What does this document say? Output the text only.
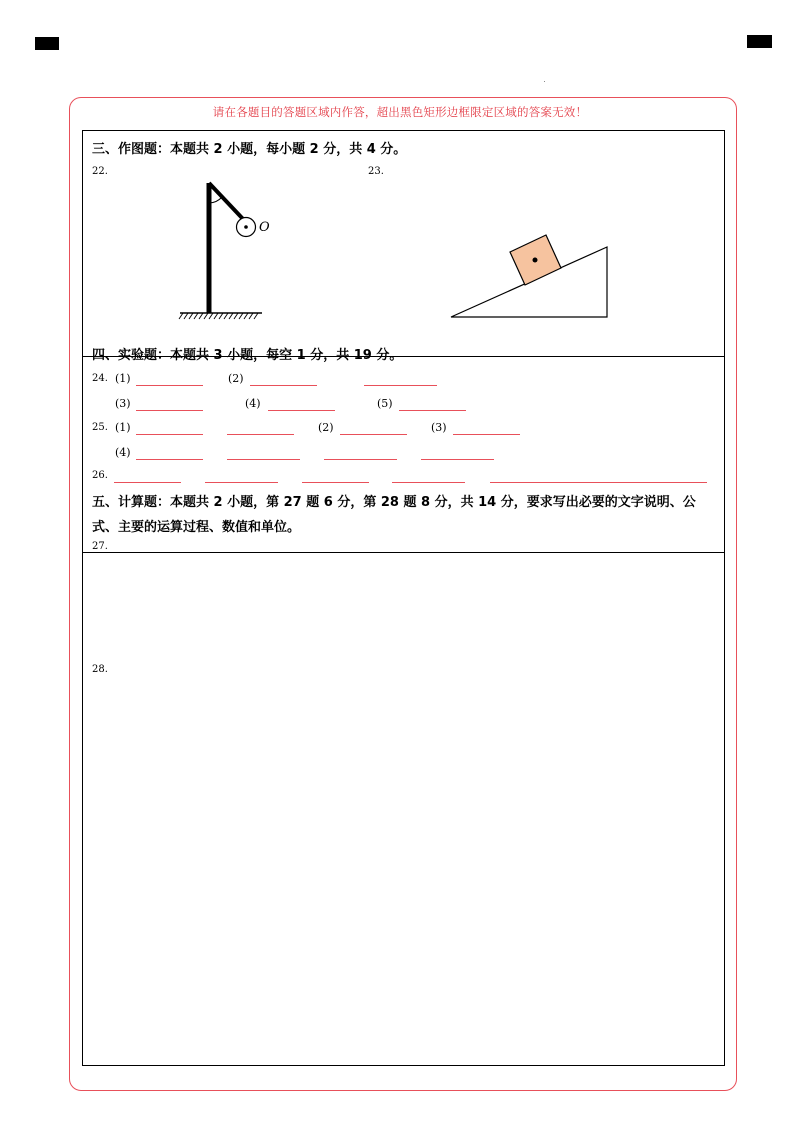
请在各题目的答题区域内作答，超出黑色矩形边框限定区域的答案无效！
三、作图题：本题共 2 小题，每小题 2 分，共 4 分。
22.	23.
O
四、实验题：本题共 3 小题，每空 1 分，共 19 分。
24. (1)	(2)
(3)	(4)	(5)
25. (1)	(2)	(3)
(4)
26.
五、计算题：本题共 2 小题，第 27 题 6 分，第 28 题 8 分，共 14 分，要求写出必要的文字说明、公
式、主要的运算过程、数值和单位。
27.
28.
